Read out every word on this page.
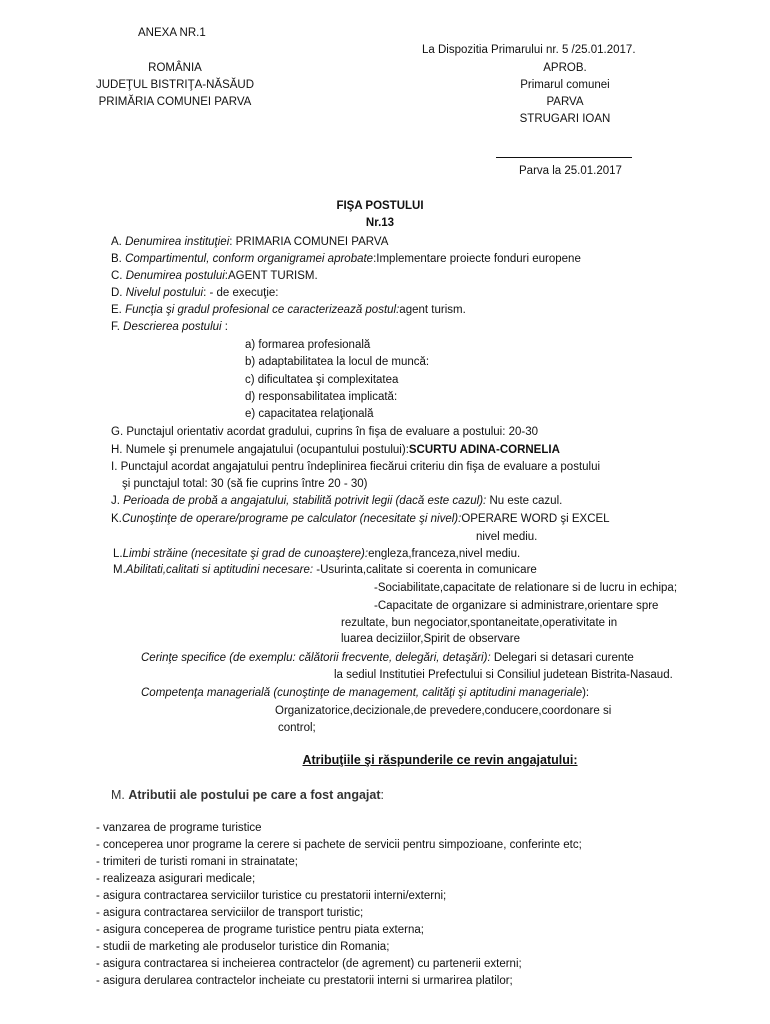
ANEXA NR.1
La Dispozitia Primarului nr. 5 /25.01.2017.
ROMÂNIA
JUDEŢUL BISTRIŢA-NĂSĂUD
PRIMĂRIA COMUNEI PARVA
APROB.
Primarul comunei
PARVA
STRUGARI IOAN
Parva la 25.01.2017
FIŞA POSTULUI
Nr.13
A. Denumirea instituţiei: PRIMARIA COMUNEI PARVA
B. Compartimentul, conform organigramei aprobate:Implementare proiecte fonduri europene
C. Denumirea postului:AGENT TURISM.
D. Nivelul postului: - de execuţie:
E. Funcţia şi gradul profesional ce caracterizează postul:agent turism.
F. Descrierea postului :
a) formarea profesională
b) adaptabilitatea la locul de muncă:
c) dificultatea şi complexitatea
d) responsabilitatea implicată:
e) capacitatea relaţională
G. Punctajul orientativ acordat gradului, cuprins în fişa de evaluare a postului: 20-30
H. Numele şi prenumele angajatului (ocupantului postului):SCURTU ADINA-CORNELIA
I. Punctajul acordat angajatului pentru îndeplinirea fiecărui criteriu din fişa de evaluare a postului
şi punctajul total: 30 (să fie cuprins între 20 - 30)
J. Perioada de probă a angajatului, stabilită potrivit legii (dacă este cazul): Nu este cazul.
K.Cunoştinţe de operare/programe pe calculator (necesitate şi nivel):OPERARE WORD şi EXCEL
nivel mediu.
L.Limbi străine (necesitate şi grad de cunoaştere):engleza,franceza,nivel mediu.
M.Abilitati,calitati si aptitudini necesare: -Usurinta,calitate si coerenta in comunicare
-Sociabilitate,capacitate de relationare si de lucru in echipa;
-Capacitate de organizare si administrare,orientare spre
rezultate, bun negociator,spontaneitate,operativitate in
luarea deciziilor,Spirit de observare
Cerinţe specifice (de exemplu: călătorii frecvente, delegări, detaşări): Delegari si detasari curente
la sediul Institutiei Prefectului si Consiliul judetean Bistrita-Nasaud.
Competenţa managerială (cunoştinţe de management, calităţi şi aptitudini manageriale):
Organizatorice,decizionale,de prevedere,conducere,coordonare si
control;
Atribuţiile şi răspunderile ce revin angajatului:
M. Atributii ale postului pe care a fost angajat:
- vanzarea de programe turistice
- conceperea unor programe la cerere si pachete de servicii pentru simpozioane, conferinte etc;
- trimiteri de turisti romani in strainatate;
- realizeaza asigurari medicale;
- asigura contractarea serviciilor turistice cu prestatorii interni/externi;
- asigura contractarea serviciilor de transport turistic;
- asigura conceperea de programe turistice pentru piata externa;
- studii de marketing ale produselor turistice din Romania;
- asigura contractarea si incheierea contractelor (de agrement) cu partenerii externi;
- asigura derularea contractelor incheiate cu prestatorii interni si urmarirea platilor;
